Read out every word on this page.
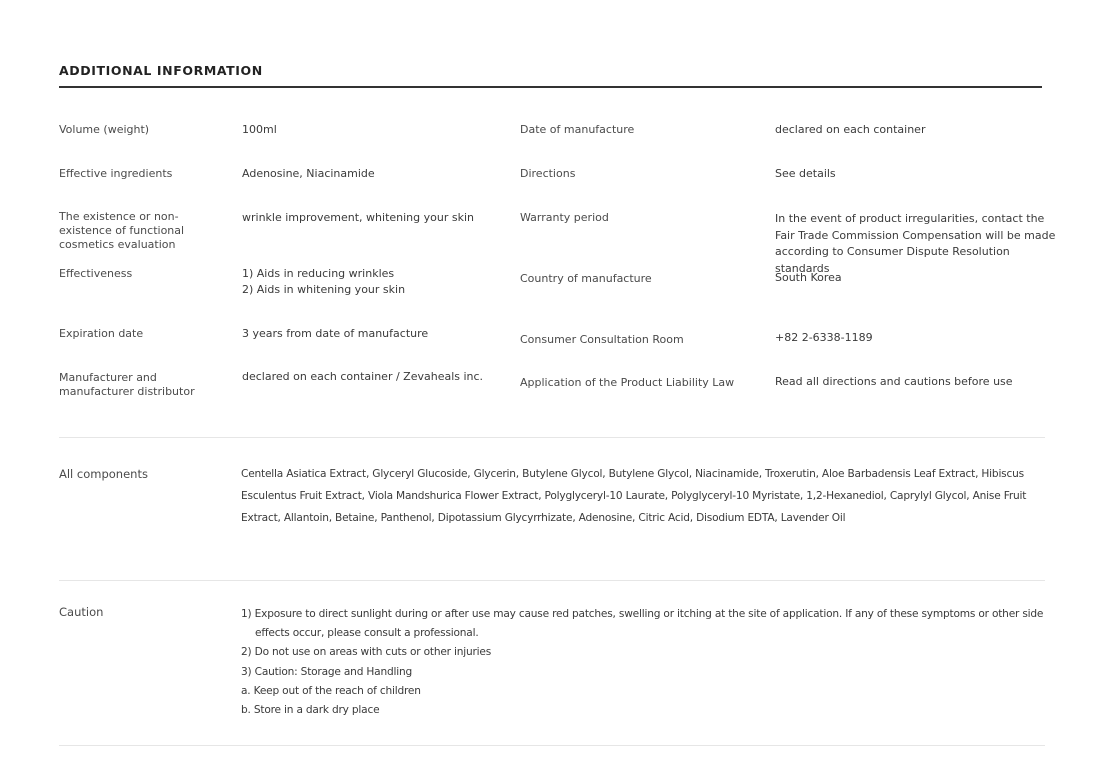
ADDITIONAL INFORMATION
Volume (weight)
Effective ingredients
The existence or non-existence of functional cosmetics evaluation
Effectiveness
Expiration date
Manufacturer and manufacturer distributor
100ml
Adenosine, Niacinamide
wrinkle improvement, whitening your skin
1) Aids in reducing wrinkles
2) Aids in whitening your skin
3 years from date of manufacture
declared on each container / Zevaheals inc.
Date of manufacture
Directions
Warranty period
Country of manufacture
Consumer Consultation Room
Application of the Product Liability Law
declared on each container
See details
In the event of product irregularities, contact the Fair Trade Commission Compensation will be made according to Consumer Dispute Resolution standards
South Korea
+82 2-6338-1189
Read all directions and cautions before use
All components	Centella Asiatica Extract, Glyceryl Glucoside, Glycerin, Butylene Glycol, Butylene Glycol, Niacinamide, Troxerutin, Aloe Barbadensis Leaf Extract, Hibiscus Esculentus Fruit Extract, Viola Mandshurica Flower Extract, Polyglyceryl-10 Laurate, Polyglyceryl-10 Myristate, 1,2-Hexanediol, Caprylyl Glycol, Anise Fruit Extract, Allantoin, Betaine, Panthenol, Dipotassium Glycyrrhizate, Adenosine, Citric Acid, Disodium EDTA, Lavender Oil
Caution	1) Exposure to direct sunlight during or after use may cause red patches, swelling or itching at the site of application. If any of these symptoms or other side
effects occur, please consult a professional.
2) Do not use on areas with cuts or other injuries
3) Caution: Storage and Handling
a. Keep out of the reach of children
b. Store in a dark dry place
